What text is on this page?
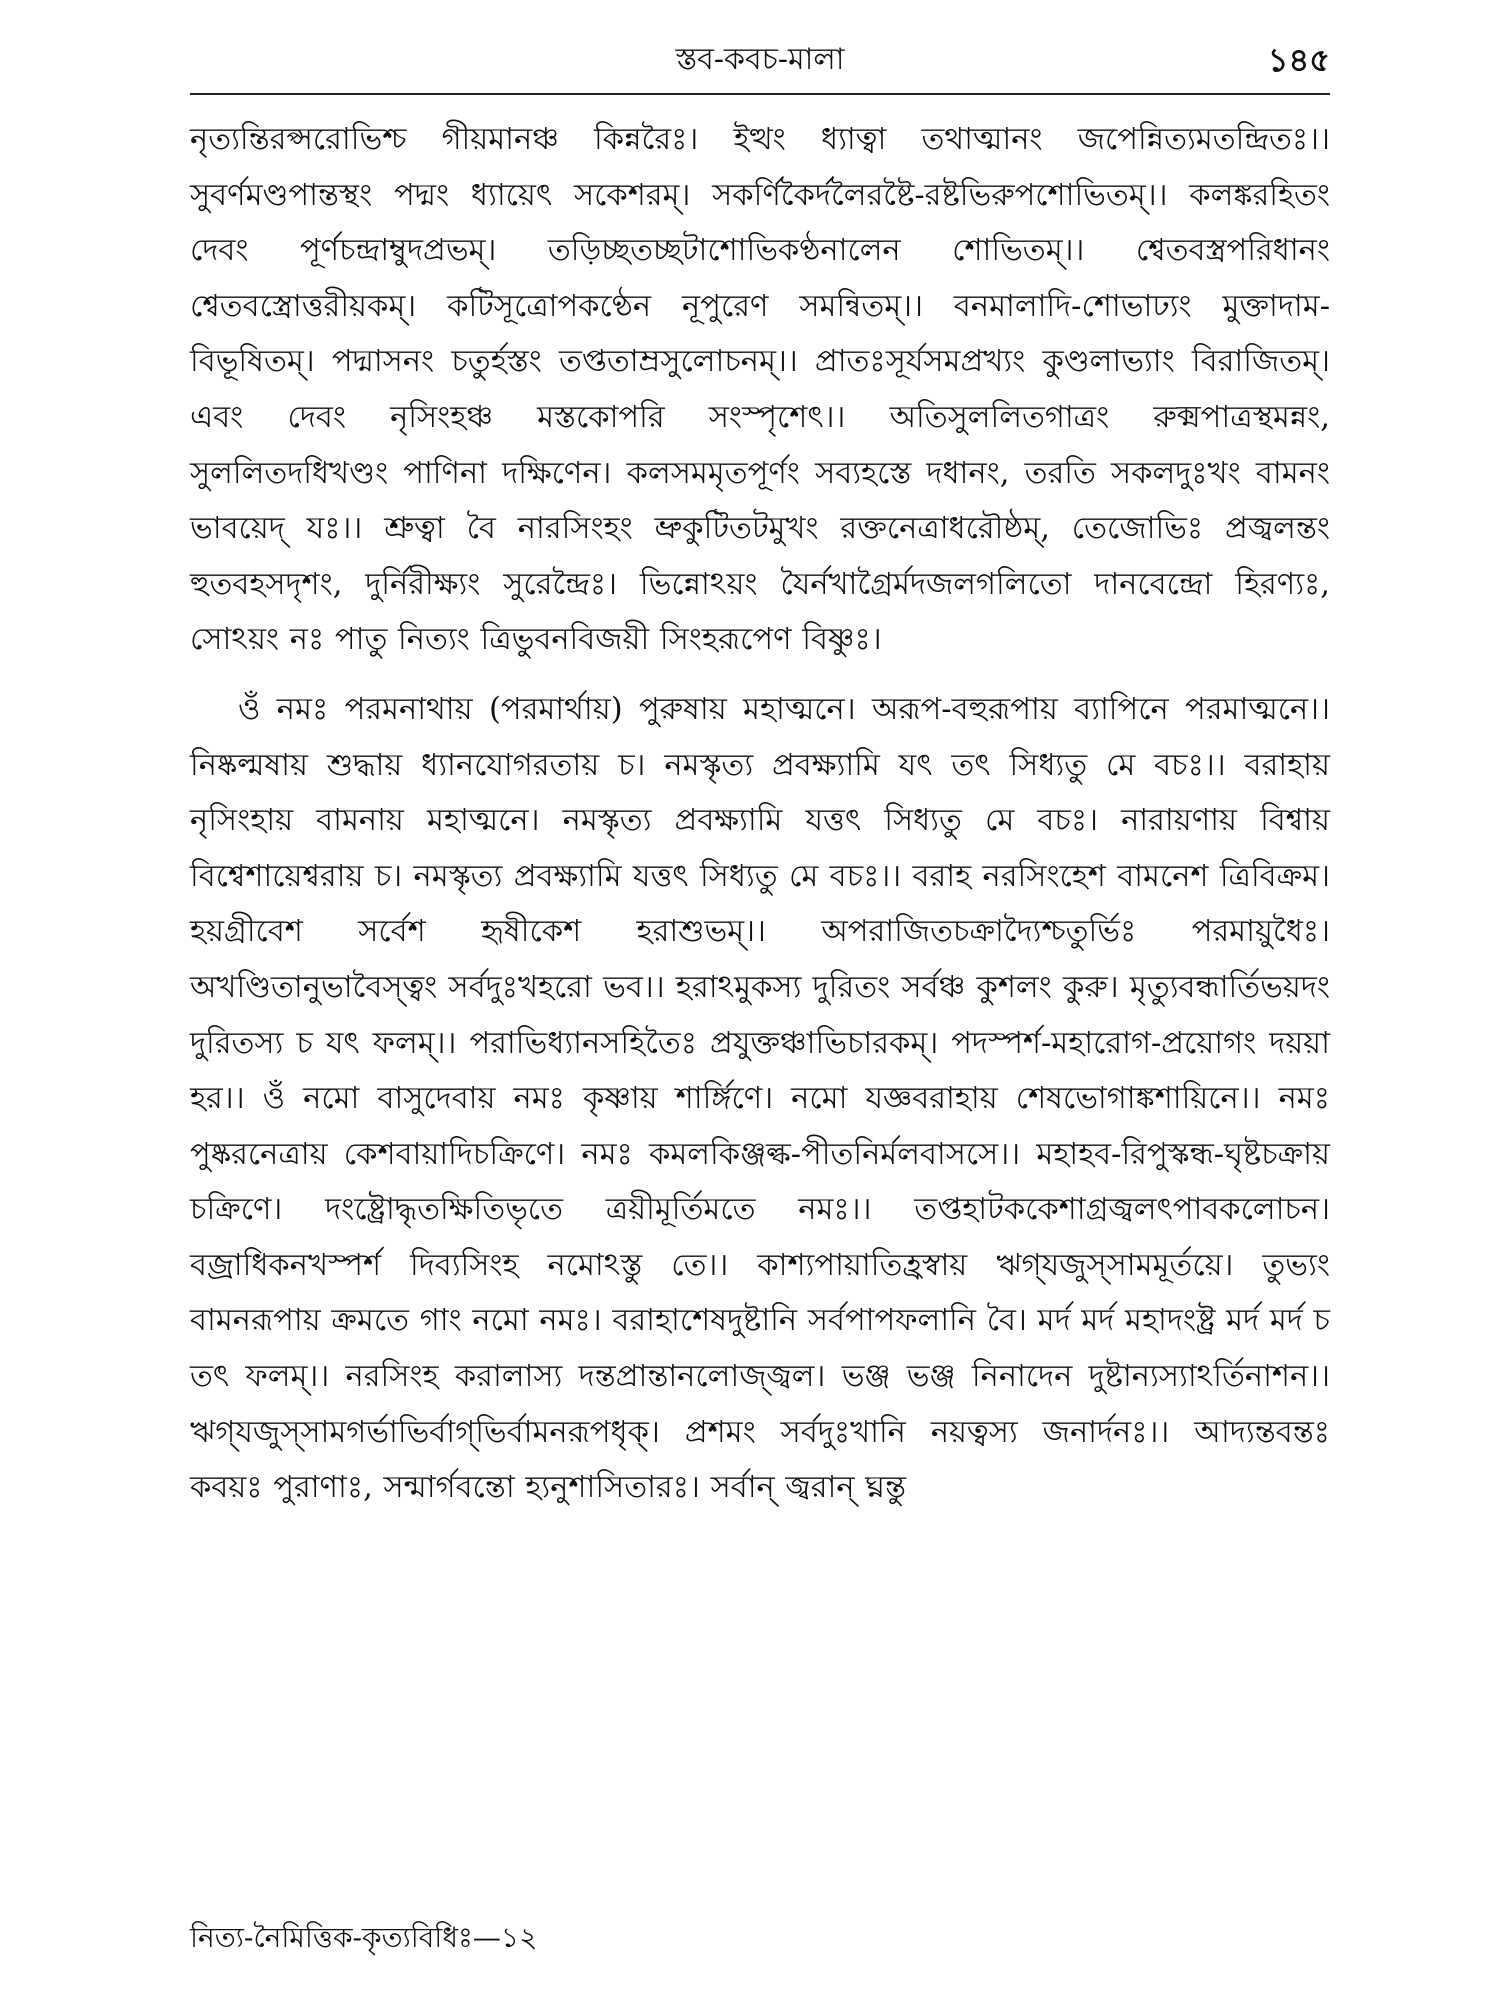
স্তব-কবচ-মালা	১৪৫

নৃত্যন্তিরপ্সরোভিশ্চ গীয়মানঞ্চ কিন্নরৈঃ। ইত্থং ধ্যাত্বা তথাত্মানং জপেন্নিত্যমতন্দ্রিতঃ।। সুবর্ণমণ্ডপান্তস্থং পদ্মং ধ্যায়েৎ সকেশরম্। সকর্ণিকৈর্দলৈরষ্টৈ-রষ্টভিরুপশোভিতম্।। কলঙ্করহিতং দেবং পূর্ণচন্দ্রাম্বুদপ্রভম্। তড়িচ্ছতচ্ছটাশোভিকণ্ঠনালেন শোভিতম্।। শ্বেতবস্ত্রপরিধানং শ্বেতবস্ত্রোত্তরীয়কম্। কটিসূত্রোপকণ্ঠেন নূপুরেণ সমন্বিতম্।। বনমালাদি-শোভাঢ্যং মুক্তাদাম-বিভূষিতম্। পদ্মাসনং চতুর্হস্তং তপ্ততাম্রসুলোচনম্।। প্রাতঃসূর্যসমপ্রখ্যং কুণ্ডলাভ্যাং বিরাজিতম্। এবং দেবং নৃসিংহঞ্চ মস্তকোপরি সংস্পৃশেৎ।। অতিসুললিতগাত্রং রুক্মপাত্রস্থমন্নং, সুললিতদধিখণ্ডং পাণিনা দক্ষিণেন। কলসমমৃতপূর্ণং সব্যহস্তে দধানং, তরতি সকলদুঃখং বামনং ভাবয়েদ্ যঃ।। শ্রুত্বা বৈ নারসিংহং ভ্রুকুটিতটমুখং রক্তনেত্রাধরৌষ্ঠম্, তেজোভিঃ প্রজ্বলন্তং হুতবহসদৃশং, দুর্নিরীক্ষ্যং সুরেন্দ্রৈঃ। ভিন্নোঽয়ং যৈর্নখাগ্রৈর্মদজলগলিতো দানবেন্দ্রো হিরণ্যঃ, সোঽয়ং নঃ পাতু নিত্যং ত্রিভুবনবিজয়ী সিংহরূপেণ বিষ্ণুঃ।

ওঁ নমঃ পরমনাথায় (পরমার্থায়) পুরুষায় মহাত্মনে। অরূপ-বহুরূপায় ব্যাপিনে পরমাত্মনে।। নিষ্কল্মষায় শুদ্ধায় ধ্যানযোগরতায় চ। নমস্কৃত্য প্রবক্ষ্যামি যৎ তৎ সিধ্যতু মে বচঃ।। বরাহায় নৃসিংহায় বামনায় মহাত্মনে। নমস্কৃত্য প্রবক্ষ্যামি যত্তৎ সিধ্যতু মে বচঃ। নারায়ণায় বিশ্বায় বিশ্বেশায়েশ্বরায় চ। নমস্কৃত্য প্রবক্ষ্যামি যত্তৎ সিধ্যতু মে বচঃ।। বরাহ নরসিংহেশ বামনেশ ত্রিবিক্রম। হয়গ্রীবেশ সর্বেশ হৃষীকেশ হরাশুভম্।। অপরাজিতচক্রাদ্যৈশ্চতুর্ভিঃ পরমায়ুধৈঃ। অখণ্ডিতানুভাবৈস্ত্বং সর্বদুঃখহরো ভব।। হরাঽমুকস্য দুরিতং সর্বঞ্চ কুশলং কুরু। মৃত্যুবন্ধার্তিভয়দং দুরিতস্য চ যৎ ফলম্।। পরাভিধ্যানসহিতৈঃ প্রযুক্তঞ্চাভিচারকম্। পদস্পর্শ-মহারোগ-প্রয়োগং দয়য়া হর।। ওঁ নমো বাসুদেবায় নমঃ কৃষ্ণায় শার্ঙ্গিণে। নমো যজ্ঞবরাহায় শেষভোগাঙ্কশায়িনে।। নমঃ পুষ্করনেত্রায় কেশবায়াদিচক্রিণে। নমঃ কমলকিঞ্জল্ক-পীতনির্মলবাসসে।। মহাহব-রিপুস্কন্ধ-ঘৃষ্টচক্রায় চক্রিণে। দংষ্ট্রোদ্ধৃতক্ষিতিভৃতে ত্রয়ীমূর্তিমতে নমঃ।। তপ্তহাটককেশাগ্রজ্বলৎপাবকলোচন। বজ্রাধিকনখস্পর্শ দিব্যসিংহ নমোঽস্তু তে।। কাশ্যপায়াতিহ্রস্বায় ঋগ্‌যজুস্‌সামমূর্তয়ে। তুভ্যং বামনরূপায় ক্রমতে গাং নমো নমঃ। বরাহাশেষদুষ্টানি সর্বপাপফলানি বৈ। মর্দ মর্দ মহাদংষ্ট্র মর্দ মর্দ চ তৎ ফলম্।। নরসিংহ করালাস্য দন্তপ্রান্তানলোজ্জ্বল। ভঞ্জ ভঞ্জ নিনাদেন দুষ্টান্যস্যাঽর্তিনাশন।। ঋগ্‌যজুস্‌সামগর্ভাভির্বাগ্‌ভির্বামনরূপধৃক্। প্রশমং সর্বদুঃখানি নয়ত্বস্য জনার্দনঃ।। আদ্যন্তবন্তঃ কবয়ঃ পুরাণাঃ, সন্মার্গবন্তো হ্যনুশাসিতারঃ। সর্বান্ জ্বরান্ ঘ্নন্তু

নিত্য-নৈমিত্তিক-কৃত্যবিধিঃ—১২
